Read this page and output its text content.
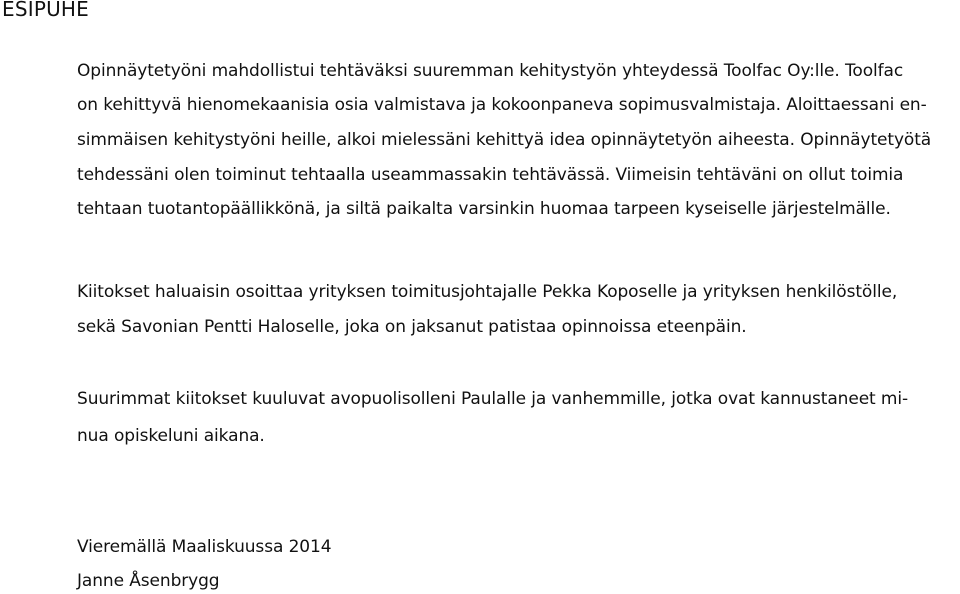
ESIPUHE
Opinnäytetyöni mahdollistui tehtäväksi suuremman kehitystyön yhteydessä Toolfac Oy:lle. Toolfac
on kehittyvä hienomekaanisia osia valmistava ja kokoonpaneva sopimusvalmistaja. Aloittaessani en-
simmäisen kehitystyöni heille, alkoi mielessäni kehittyä idea opinnäytetyön aiheesta. Opinnäytetyötä
tehdessäni olen toiminut tehtaalla useammassakin tehtävässä. Viimeisin tehtäväni on ollut toimia
tehtaan tuotantopäällikkönä, ja siltä paikalta varsinkin huomaa tarpeen kyseiselle järjestelmälle.
Kiitokset haluaisin osoittaa yrityksen toimitusjohtajalle Pekka Koposelle ja yrityksen henkilöstölle,
sekä Savonian Pentti Haloselle, joka on jaksanut patistaa opinnoissa eteenpäin.
Suurimmat kiitokset kuuluvat avopuolisolleni Paulalle ja vanhemmille, jotka ovat kannustaneet mi-
nua opiskeluni aikana.
Vieremällä Maaliskuussa 2014
Janne Åsenbrygg
